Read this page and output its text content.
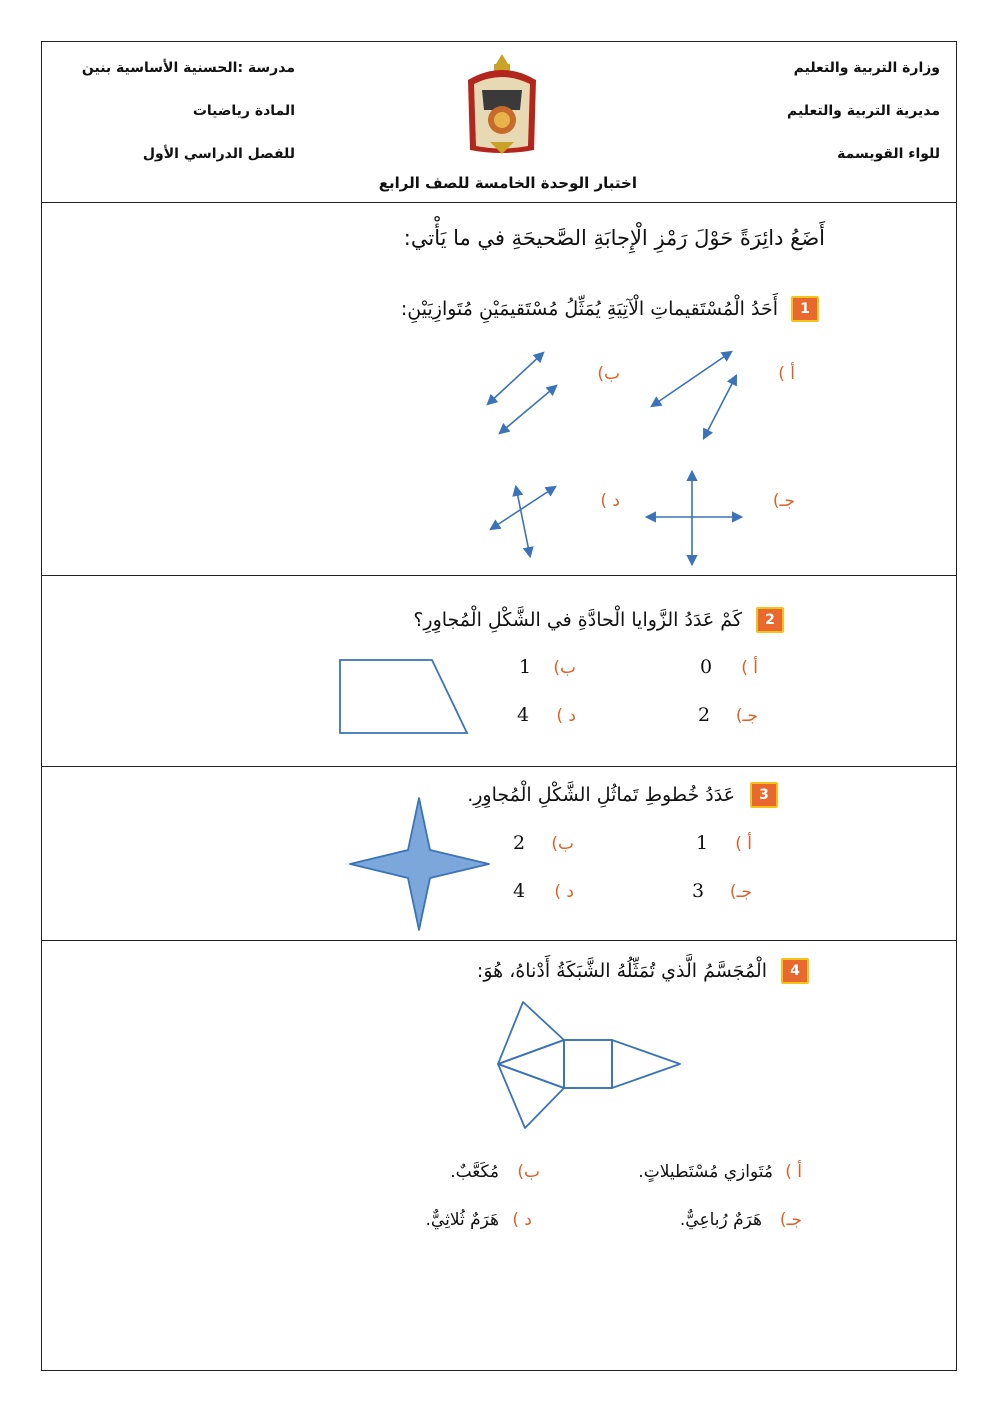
وزارة التربية والتعليم
مديرية التربية والتعليم
للواء القويسمة
مدرسة :الحسنية الأساسية بنين
المادة رياضيات
للفصل الدراسي الأول
اختبار الوحدة الخامسة للصف الرابع
أَضَعُ دائِرَةً حَوْلَ رَمْزِ الْإِجابَةِ الصَّحيحَةِ في ما يَأْتي:
1
أَحَدُ الْمُسْتَقيماتِ الْآتِيَةِ يُمَثِّلُ مُسْتَقيمَيْنِ مُتَوازِيَيْنِ:
أ )
ب)
جـ)
د )
2
كَمْ عَدَدُ الزَّوايا الْحادَّةِ في الشَّكْلِ الْمُجاوِرِ؟
أ )
0
ب)
1
جـ)
2
د )
4
3
عَدَدُ خُطوطِ تَماثُلِ الشَّكْلِ الْمُجاوِرِ.
أ )
1
ب)
2
جـ)
3
د )
4
4
الْمُجَسَّمُ الَّذي تُمَثِّلُهُ الشَّبَكَةُ أَدْناهُ، هُوَ:
أ )
مُتَوازي مُسْتَطيلاتٍ.
ب)
مُكَعَّبٌ.
جـ)
هَرَمٌ رُباعِيٌّ.
د )
هَرَمٌ ثُلاثِيٌّ.
